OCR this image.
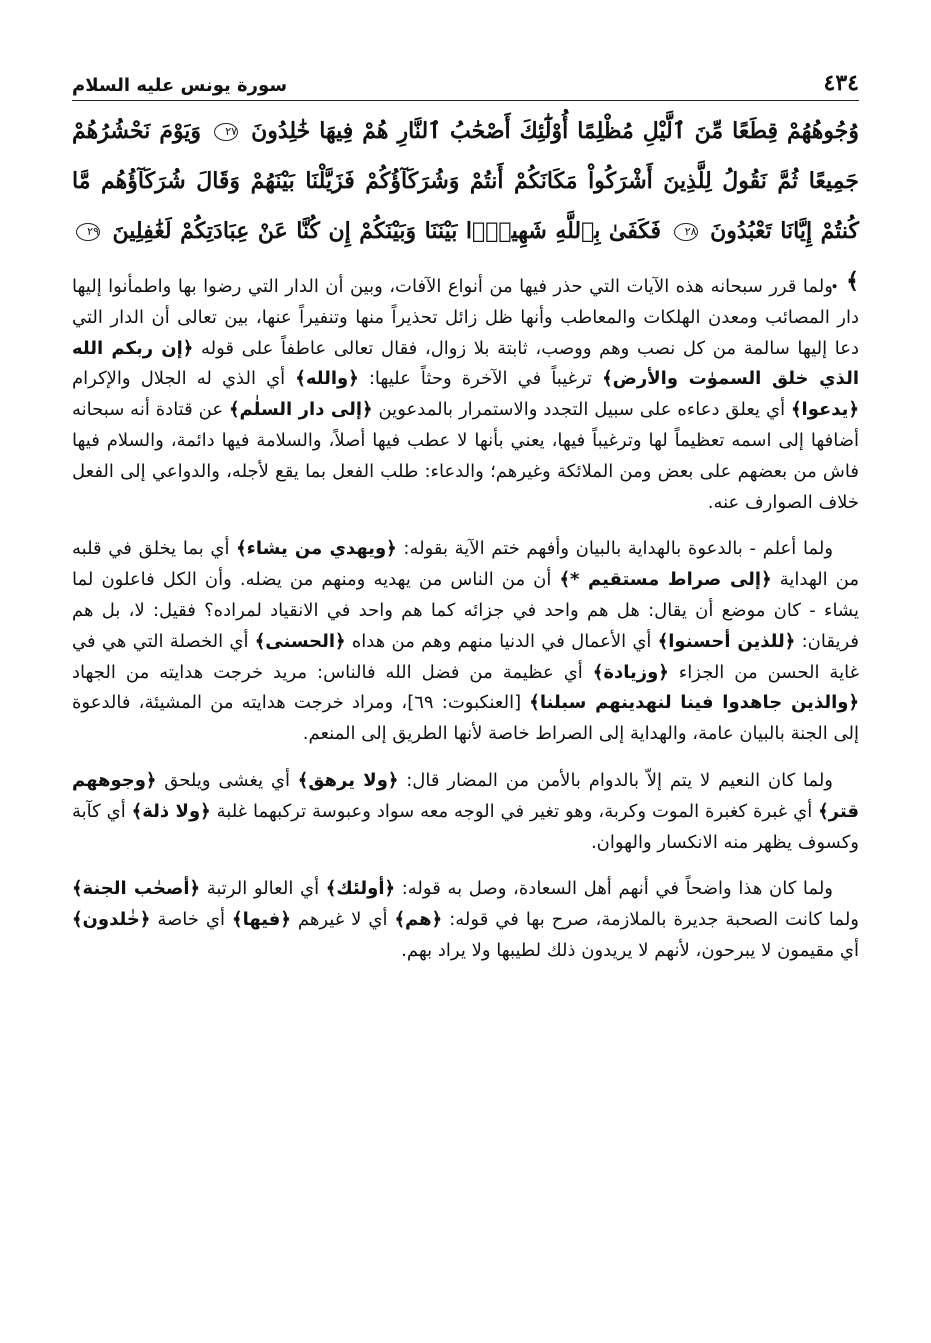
٤٣٤
سورة يونس عليه السلام
وُجُوهُهُمْ قِطَعًا مِّنَ ٱلَّيْلِ مُظْلِمًا أُوْلَٰٓئِكَ أَصْحَٰبُ ٱلنَّارِ هُمْ فِيهَا خَٰلِدُونَ ٢٧ وَيَوْمَ نَحْشُرُهُمْ جَمِيعًا ثُمَّ نَقُولُ لِلَّذِينَ أَشْرَكُواْ مَكَانَكُمْ أَنتُمْ وَشُرَكَآؤُكُمْ فَزَيَّلْنَا بَيْنَهُمْ وَقَالَ شُرَكَآؤُهُم مَّا كُنتُمْ إِيَّانَا تَعْبُدُونَ ٢٨ فَكَفَىٰ بِٱللَّهِ شَهِيدًۢا بَيْنَنَا وَبَيْنَكُمْ إِن كُنَّا عَنْ عِبَادَتِكُمْ لَغَٰفِلِينَ ٢٩ ﴾ .

ولما قرر سبحانه هذه الآيات التي حذر فيها من أنواع الآفات، وبين أن الدار التي رضوا بها واطمأنوا إليها دار المصائب ومعدن الهلكات والمعاطب وأنها ظل زائل تحذيراً منها وتنفيراً عنها، بين تعالى أن الدار التي دعا إليها سالمة من كل نصب وهم ووصب، ثابتة بلا زوال، فقال تعالى عاطفاً على قوله ﴿إن ربكم الله الذي خلق السموٰت والأرض﴾ ترغيباً في الآخرة وحثاً عليها: ﴿والله﴾ أي الذي له الجلال والإكرام ﴿يدعوا﴾ أي يعلق دعاءه على سبيل التجدد والاستمرار بالمدعوين ﴿إلى دار السلٰم﴾ عن قتادة أنه سبحانه أضافها إلى اسمه تعظيماً لها وترغيباً فيها، يعني بأنها لا عطب فيها أصلاً، والسلامة فيها دائمة، والسلام فيها فاش من بعضهم على بعض ومن الملائكة وغيرهم؛ والدعاء: طلب الفعل بما يقع لأجله، والدواعي إلى الفعل خلاف الصوارف عنه.

ولما أعلم - بالدعوة بالهداية بالبيان وأفهم ختم الآية بقوله: ﴿ويهدي من يشاء﴾ أي بما يخلق في قلبه من الهداية ﴿إلى صراط مستقيم *﴾ أن من الناس من يهديه ومنهم من يضله. وأن الكل فاعلون لما يشاء - كان موضع أن يقال: هل هم واحد في جزائه كما هم واحد في الانقياد لمراده؟ فقيل: لا، بل هم فريقان: ﴿للذين أحسنوا﴾ أي الأعمال في الدنيا منهم وهم من هداه ﴿الحسنى﴾ أي الخصلة التي هي في غاية الحسن من الجزاء ﴿وزيادة﴾ أي عظيمة من فضل الله فالناس: مريد خرجت هدايته من الجهاد ﴿والذين جاهدوا فينا لنهدينهم سبلنا﴾ [العنكبوت: ٦٩]، ومراد خرجت هدايته من المشيئة، فالدعوة إلى الجنة بالبيان عامة، والهداية إلى الصراط خاصة لأنها الطريق إلى المنعم.

ولما كان النعيم لا يتم إلاّ بالدوام بالأمن من المضار قال: ﴿ولا يرهق﴾ أي يغشى ويلحق ﴿وجوههم قتر﴾ أي غبرة كغبرة الموت وكربة، وهو تغير في الوجه معه سواد وعبوسة تركبهما غلبة ﴿ولا ذلة﴾ أي كآبة وكسوف يظهر منه الانكسار والهوان.

ولما كان هذا واضحاً في أنهم أهل السعادة، وصل به قوله: ﴿أولئك﴾ أي العالو الرتبة ﴿أصحٰب الجنة﴾ ولما كانت الصحبة جديرة بالملازمة، صرح بها في قوله: ﴿هم﴾ أي لا غيرهم ﴿فيها﴾ أي خاصة ﴿خٰلدون﴾ أي مقيمون لا يبرحون، لأنهم لا يريدون ذلك لطيبها ولا يراد بهم.
